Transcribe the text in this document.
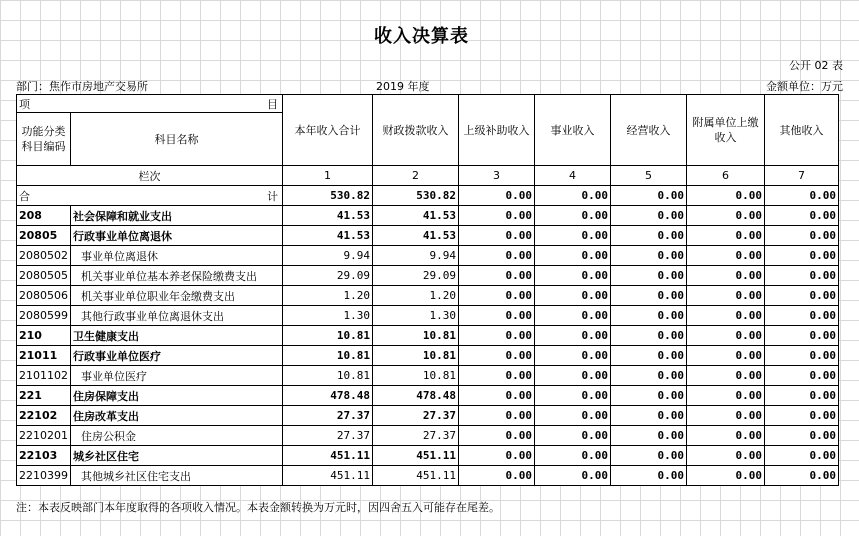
收入决算表
公开 02 表
部门：焦作市房地产交易所	2019 年度	金额单位：万元
项 目		本年收入合计	财政拨款收入	上级补助收入	事业收入	经营收入	附属单位上缴收入	其他收入
功能分类科目编码	科目名称							

栏次		1	2	3	4	5	6	7

合 计		530.82	530.82	0.00	0.00	0.00	0.00	0.00
208	社会保障和就业支出	41.53	41.53	0.00	0.00	0.00	0.00	0.00
20805	行政事业单位离退休	41.53	41.53	0.00	0.00	0.00	0.00	0.00
2080502	事业单位离退休	9.94	9.94	0.00	0.00	0.00	0.00	0.00
2080505	机关事业单位基本养老保险缴费支出	29.09	29.09	0.00	0.00	0.00	0.00	0.00
2080506	机关事业单位职业年金缴费支出	1.20	1.20	0.00	0.00	0.00	0.00	0.00
2080599	其他行政事业单位离退休支出	1.30	1.30	0.00	0.00	0.00	0.00	0.00
210	卫生健康支出	10.81	10.81	0.00	0.00	0.00	0.00	0.00
21011	行政事业单位医疗	10.81	10.81	0.00	0.00	0.00	0.00	0.00
2101102	事业单位医疗	10.81	10.81	0.00	0.00	0.00	0.00	0.00
221	住房保障支出	478.48	478.48	0.00	0.00	0.00	0.00	0.00
22102	住房改革支出	27.37	27.37	0.00	0.00	0.00	0.00	0.00
2210201	住房公积金	27.37	27.37	0.00	0.00	0.00	0.00	0.00
22103	城乡社区住宅	451.11	451.11	0.00	0.00	0.00	0.00	0.00
2210399	其他城乡社区住宅支出	451.11	451.11	0.00	0.00	0.00	0.00	0.00
注：本表反映部门本年度取得的各项收入情况。本表金额转换为万元时，因四舍五入可能存在尾差。
